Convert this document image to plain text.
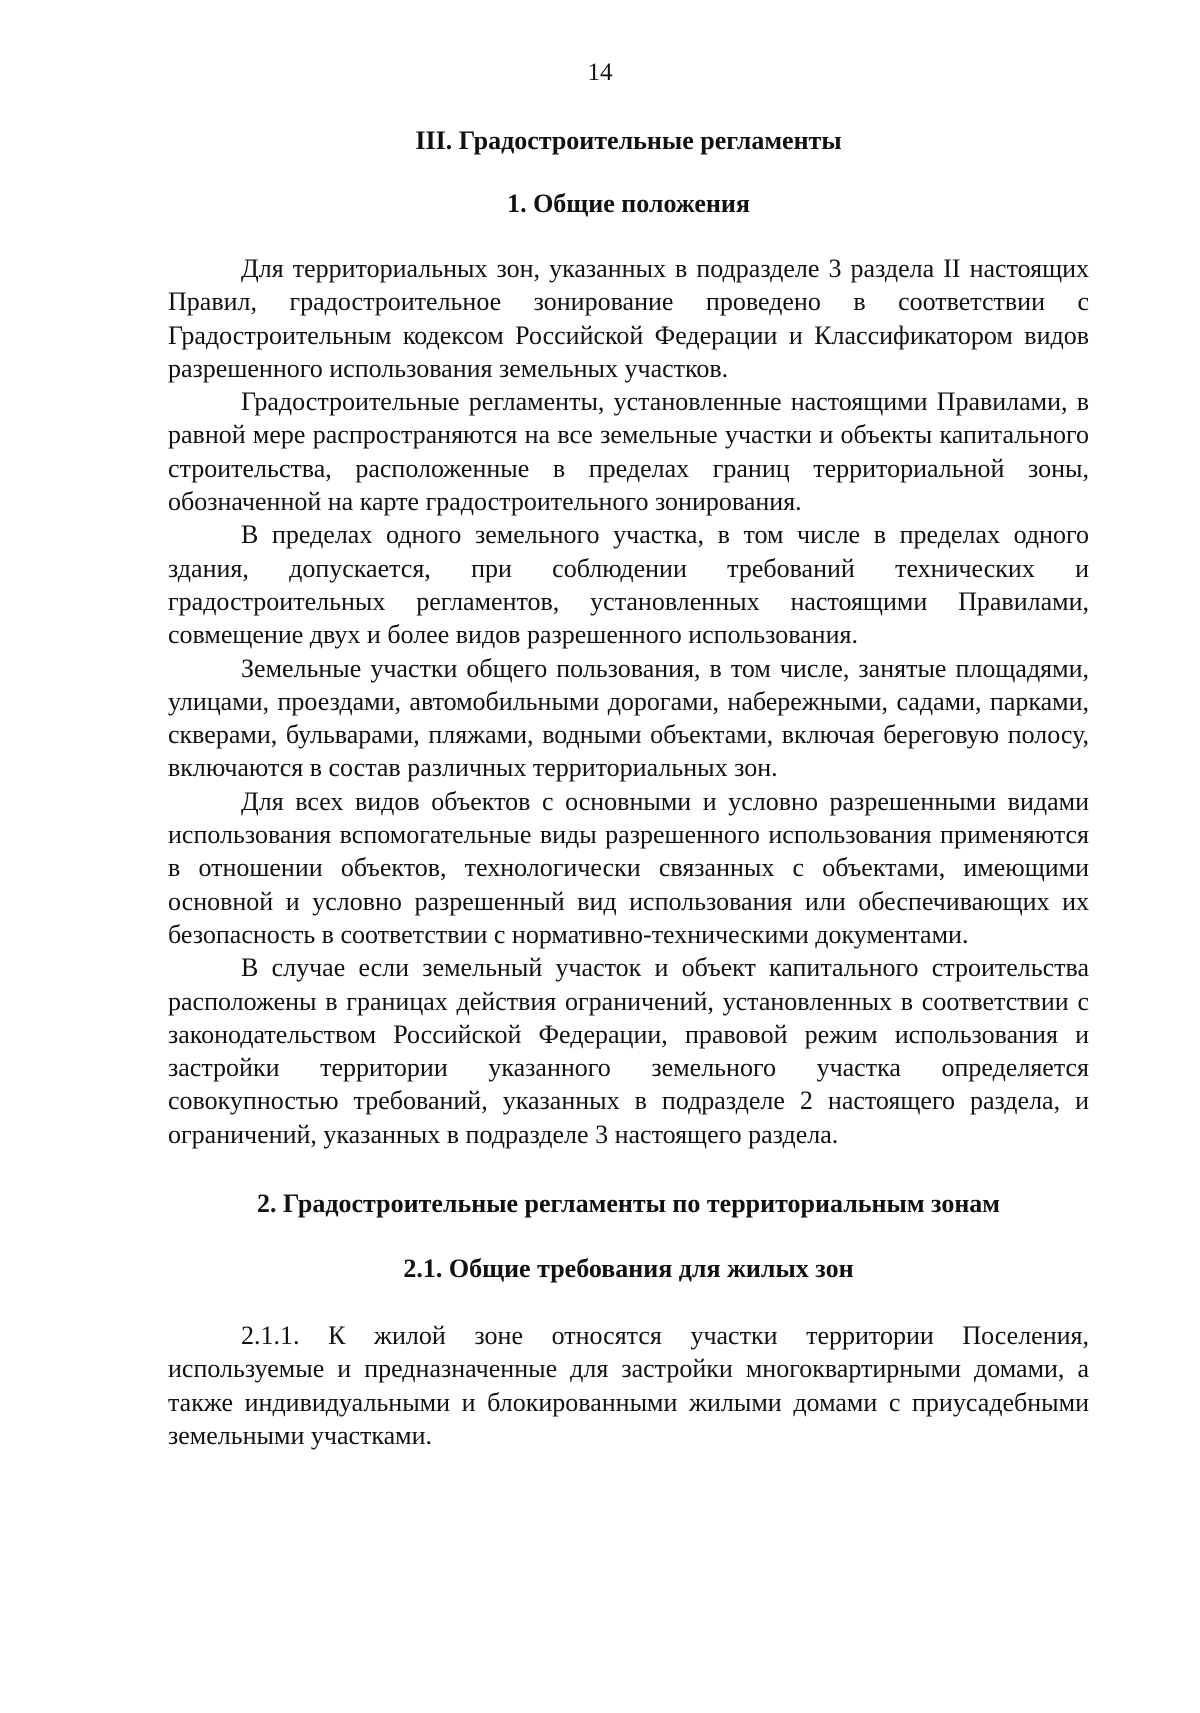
14
III. Градостроительные регламенты
1. Общие положения

Для территориальных зон, указанных в подразделе 3 раздела II настоящих Правил, градостроительное зонирование проведено в соответствии с Градостроительным кодексом Российской Федерации и Классификатором видов разрешенного использования земельных участков.

Градостроительные регламенты, установленные настоящими Правилами, в равной мере распространяются на все земельные участки и объекты капитального строительства, расположенные в пределах границ территориальной зоны, обозначенной на карте градостроительного зонирования.

В пределах одного земельного участка, в том числе в пределах одного здания, допускается, при соблюдении требований технических и градостроительных регламентов, установленных настоящими Правилами, совмещение двух и более видов разрешенного использования.

Земельные участки общего пользования, в том числе, занятые площадями, улицами, проездами, автомобильными дорогами, набережными, садами, парками, скверами, бульварами, пляжами, водными объектами, включая береговую полосу, включаются в состав различных территориальных зон.

Для всех видов объектов с основными и условно разрешенными видами использования вспомогательные виды разрешенного использования применяются в отношении объектов, технологически связанных с объектами, имеющими основной и условно разрешенный вид использования или обеспечивающих их безопасность в соответствии с нормативно-техническими документами.

В случае если земельный участок и объект капитального строительства расположены в границах действия ограничений, установленных в соответствии с законодательством Российской Федерации, правовой режим использования и застройки территории указанного земельного участка определяется совокупностью требований, указанных в подразделе 2 настоящего раздела, и ограничений, указанных в подразделе 3 настоящего раздела.

2. Градостроительные регламенты по территориальным зонам
2.1. Общие требования для жилых зон

2.1.1. К жилой зоне относятся участки территории Поселения, используемые и предназначенные для застройки многоквартирными домами, а также индивидуальными и блокированными жилыми домами с приусадебными земельными участками.
